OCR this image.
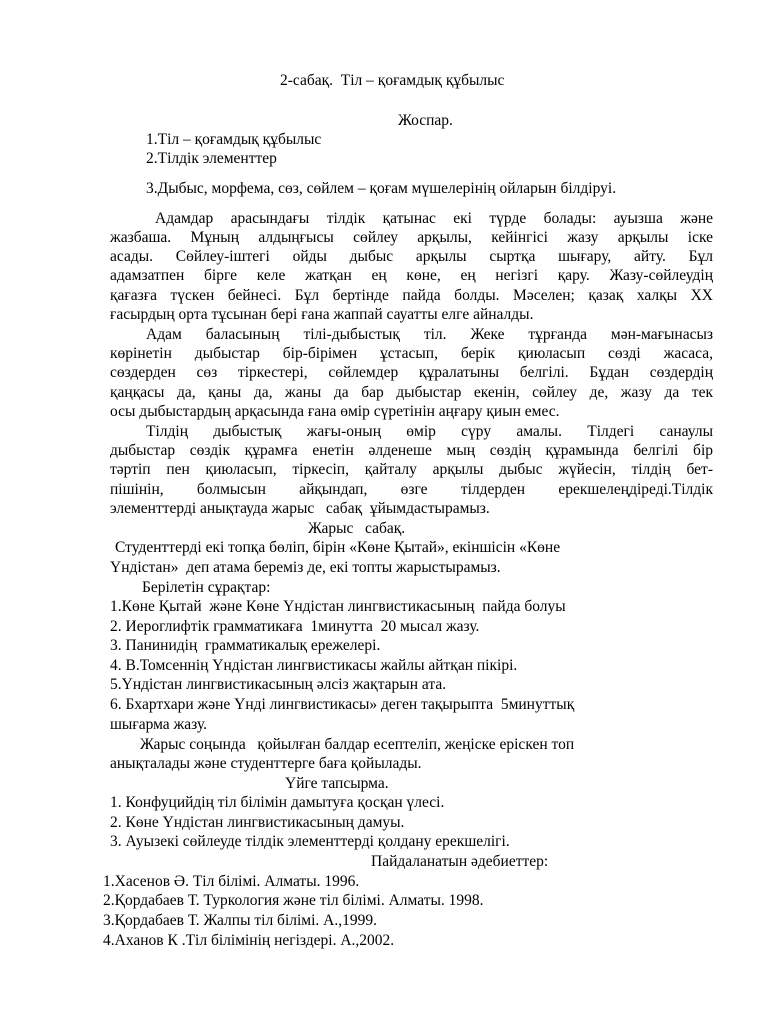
2-сабақ.  Тіл – қоғамдық құбылыс
Жоспар.
1.Тіл – қоғамдық құбылыс
2.Тілдік элементтер
3.Дыбыс, морфема, сөз, сөйлем – қоғам мүшелерінің ойларын білдіруі.
Адамдар арасындағы тілдік қатынас екі түрде болады: ауызша және
жазбаша. Мұның алдыңғысы сөйлеу арқылы, кейінгісі жазу арқылы іске
асады. Сөйлеу-іштегі ойды дыбыс арқылы сыртқа шығару, айту. Бұл
адамзатпен бірге келе жатқан ең көне, ең негізгі қару. Жазу-сөйлеудің
қағазға түскен бейнесі. Бұл бертінде пайда болды. Мәселен; қазақ халқы XX
ғасырдың орта тұсынан бері ғана жаппай сауатты елге айналды.
Адам баласының тілі-дыбыстық тіл. Жеке тұрғанда мән-мағынасыз
көрінетін дыбыстар бір-бірімен ұстасып, берік қиюласып сөзді жасаса,
сөздерден сөз тіркестері, сөйлемдер құралатыны белгілі. Бұдан сөздердің
қаңқасы да, қаны да, жаны да бар дыбыстар екенін, сөйлеу де, жазу да тек
осы дыбыстардың арқасында ғана өмір сүретінін аңғару қиын емес.
Тілдің дыбыстық жағы-оның өмір сүру амалы. Тілдегі санаулы
дыбыстар сөздік құрамға енетін әлденеше мың сөздің құрамында белгілі бір
тәртіп пен қиюласып, тіркесіп, қайталу арқылы дыбыс жүйесін, тілдің бет-
пішінін, болмысын айқындап, өзге тілдерден ерекшелеңдіреді.Тілдік
элементтерді анықтауда жарыс   сабақ  ұйымдастырамыз.
Жарыс   сабақ.
Студенттерді екі топқа бөліп, бірін «Көне Қытай», екіншісін «Көне
Үндістан»  деп атама береміз де, екі топты жарыстырамыз.
Берілетін сұрақтар:
1.Көне Қытай  және Көне Үндістан лингвистикасының  пайда болуы
2. Иероглифтік грамматикаға  1минутта  20 мысал жазу.
3. Панинидің  грамматикалық ережелері.
4. В.Томсеннің Үндістан лингвистикасы жайлы айтқан пікірі.
5.Үндістан лингвистикасының әлсіз жақтарын ата.
6. Бхартхари және Үнді лингвистикасы» деген тақырыпта  5минуттық
шығарма жазу.
Жарыс соңында   қойылған балдар есептеліп, жеңіске еріскен топ
анықталады және студенттерге баға қойылады.
Үйге тапсырма.
1. Конфуцийдің тіл білімін дамытуға қосқан үлесі.
2. Көне Үндістан лингвистикасының дамуы.
3. Ауызекі сөйлеуде тілдік элементтерді қолдану ерекшелігі.
Пайдаланатын әдебиеттер:
1.Хасенов Ә. Тіл білімі. Алматы. 1996.
2.Қордабаев Т. Туркология және тіл білімі. Алматы. 1998.
3.Қордабаев Т. Жалпы тіл білімі. А.,1999.
4.Аханов К .Тіл білімінің негіздері. А.,2002.
